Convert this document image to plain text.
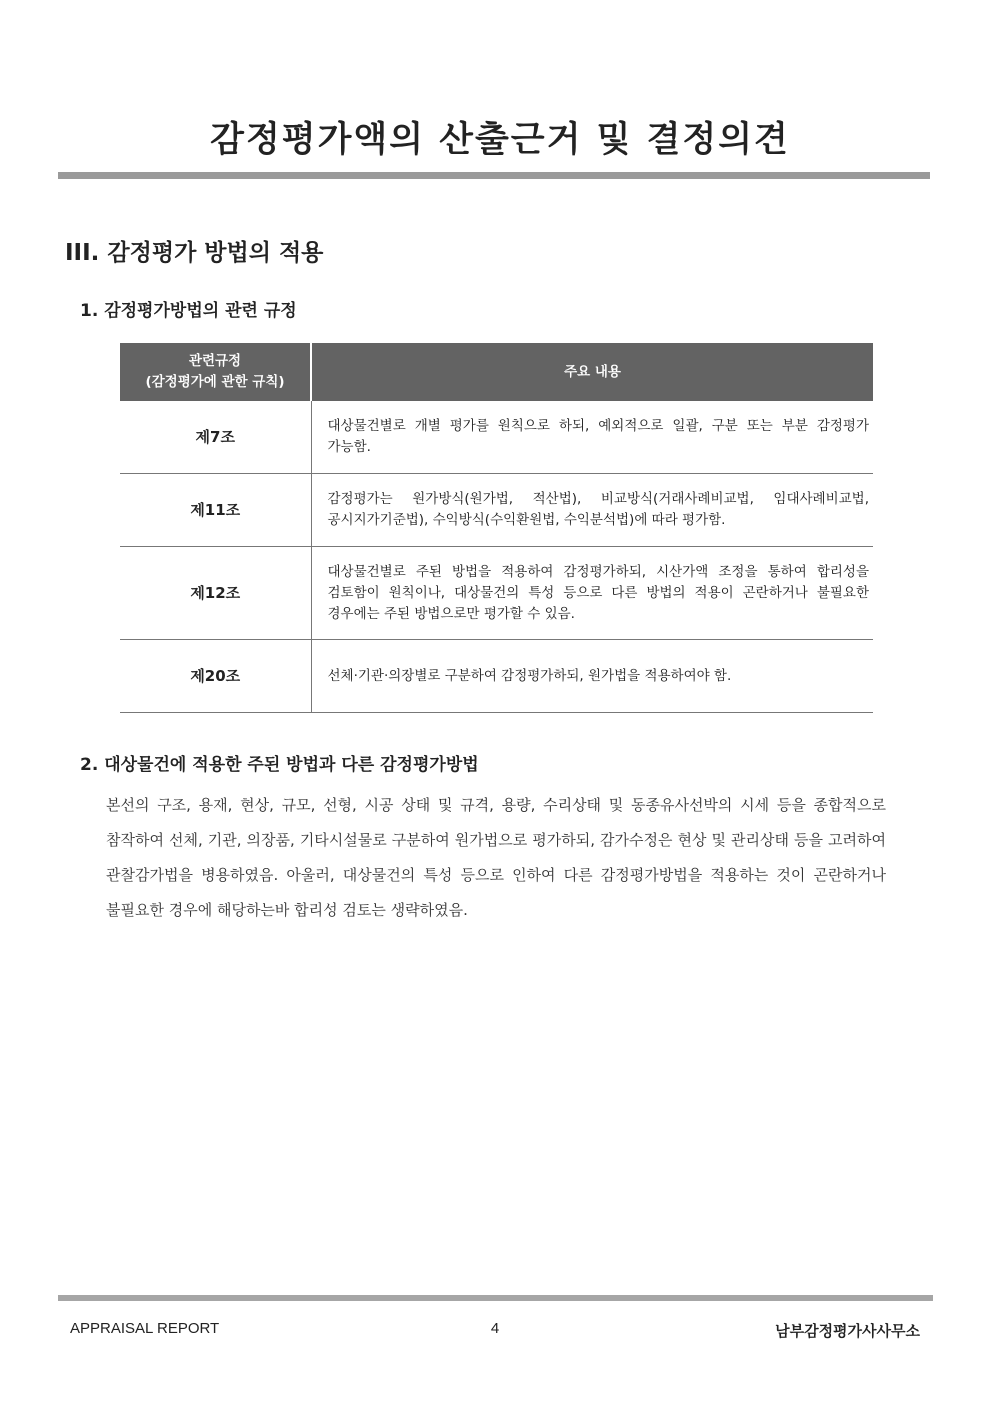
감정평가액의 산출근거 및 결정의견
III. 감정평가 방법의 적용
1. 감정평가방법의 관련 규정
관련규정
(감정평가에 관한 규칙)	주요 내용
제7조	대상물건별로 개별 평가를 원칙으로 하되, 예외적으로 일괄, 구분 또는 부분 감정평가 가능함.
제11조	감정평가는 원가방식(원가법, 적산법), 비교방식(거래사례비교법, 임대사례비교법, 공시지가기준법), 수익방식(수익환원법, 수익분석법)에 따라 평가함.
제12조	대상물건별로 주된 방법을 적용하여 감정평가하되, 시산가액 조정을 통하여 합리성을 검토함이 원칙이나, 대상물건의 특성 등으로 다른 방법의 적용이 곤란하거나 불필요한 경우에는 주된 방법으로만 평가할 수 있음.
제20조	선체·기관·의장별로 구분하여 감정평가하되, 원가법을 적용하여야 함.
2. 대상물건에 적용한 주된 방법과 다른 감정평가방법
본선의 구조, 용재, 현상, 규모, 선형, 시공 상태 및 규격, 용량, 수리상태 및 동종유사선박의 시세 등을 종합적으로 참작하여 선체, 기관, 의장품, 기타시설물로 구분하여 원가법으로 평가하되, 감가수정은 현상 및 관리상태 등을 고려하여 관찰감가법을 병용하였음. 아울러, 대상물건의 특성 등으로 인하여 다른 감정평가방법을 적용하는 것이 곤란하거나 불필요한 경우에 해당하는바 합리성 검토는 생략하였음.
APPRAISAL REPORT	4	남부감정평가사사무소
